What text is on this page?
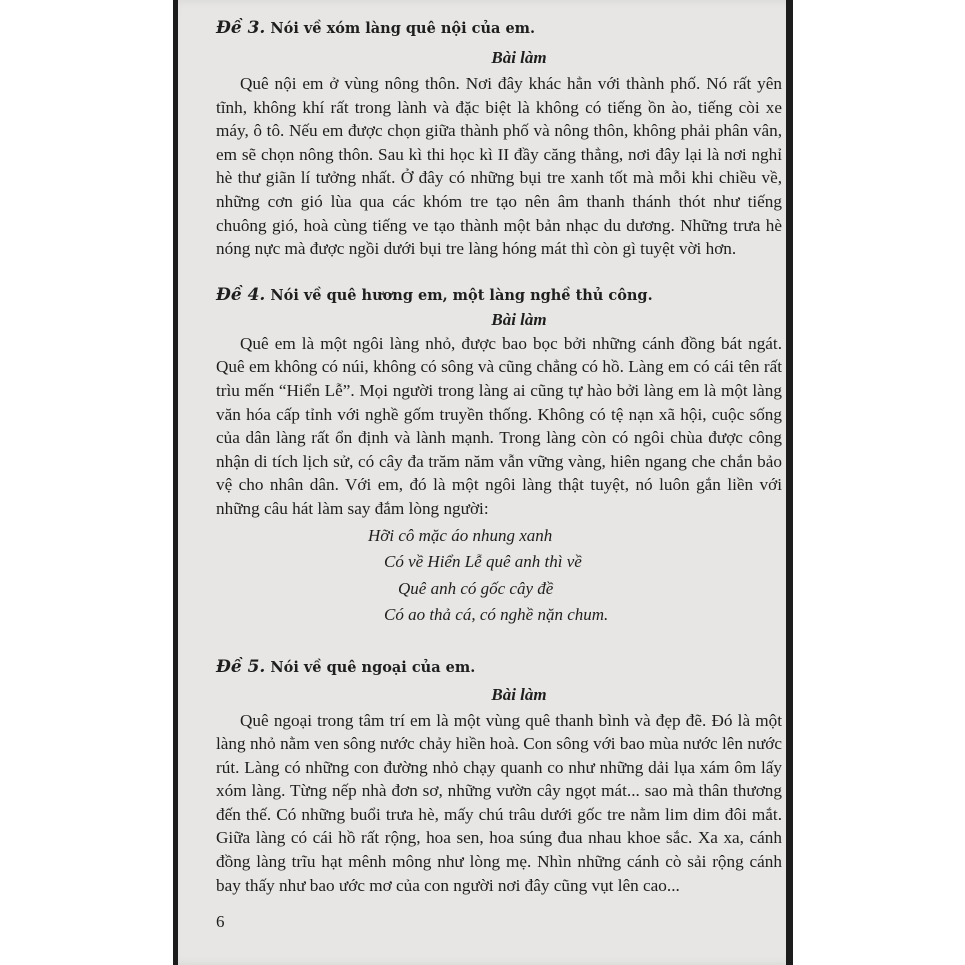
Đề 3. Nói về xóm làng quê nội của em.
Bài làm

Quê nội em ở vùng nông thôn. Nơi đây khác hẳn với thành phố. Nó rất yên tĩnh, không khí rất trong lành và đặc biệt là không có tiếng ồn ào, tiếng còi xe máy, ô tô. Nếu em được chọn giữa thành phố và nông thôn, không phải phân vân, em sẽ chọn nông thôn. Sau kì thi học kì II đầy căng thẳng, nơi đây lại là nơi nghỉ hè thư giãn lí tưởng nhất. Ở đây có những bụi tre xanh tốt mà mỗi khi chiều về, những cơn gió lùa qua các khóm tre tạo nên âm thanh thánh thót như tiếng chuông gió, hoà cùng tiếng ve tạo thành một bản nhạc du dương. Những trưa hè nóng nực mà được ngồi dưới bụi tre làng hóng mát thì còn gì tuyệt vời hơn.

Đề 4. Nói về quê hương em, một làng nghề thủ công.
Bài làm

Quê em là một ngôi làng nhỏ, được bao bọc bởi những cánh đồng bát ngát. Quê em không có núi, không có sông và cũng chẳng có hồ. Làng em có cái tên rất trìu mến “Hiển Lễ”. Mọi người trong làng ai cũng tự hào bởi làng em là một làng văn hóa cấp tỉnh với nghề gốm truyền thống. Không có tệ nạn xã hội, cuộc sống của dân làng rất ổn định và lành mạnh. Trong làng còn có ngôi chùa được công nhận di tích lịch sử, có cây đa trăm năm vẫn vững vàng, hiên ngang che chắn bảo vệ cho nhân dân. Với em, đó là một ngôi làng thật tuyệt, nó luôn gắn liền với những câu hát làm say đắm lòng người:

Hỡi cô mặc áo nhung xanh
Có về Hiển Lễ quê anh thì về
Quê anh có gốc cây đề
Có ao thả cá, có nghề nặn chum.
Đề 5. Nói về quê ngoại của em.
Bài làm

Quê ngoại trong tâm trí em là một vùng quê thanh bình và đẹp đẽ. Đó là một làng nhỏ nằm ven sông nước chảy hiền hoà. Con sông với bao mùa nước lên nước rút. Làng có những con đường nhỏ chạy quanh co như những dải lụa xám ôm lấy xóm làng. Từng nếp nhà đơn sơ, những vườn cây ngọt mát... sao mà thân thương đến thế. Có những buổi trưa hè, mấy chú trâu dưới gốc tre nằm lim dim đôi mắt. Giữa làng có cái hồ rất rộng, hoa sen, hoa súng đua nhau khoe sắc. Xa xa, cánh đồng làng trĩu hạt mênh mông như lòng mẹ. Nhìn những cánh cò sải rộng cánh bay thấy như bao ước mơ của con người nơi đây cũng vụt lên cao...

6
